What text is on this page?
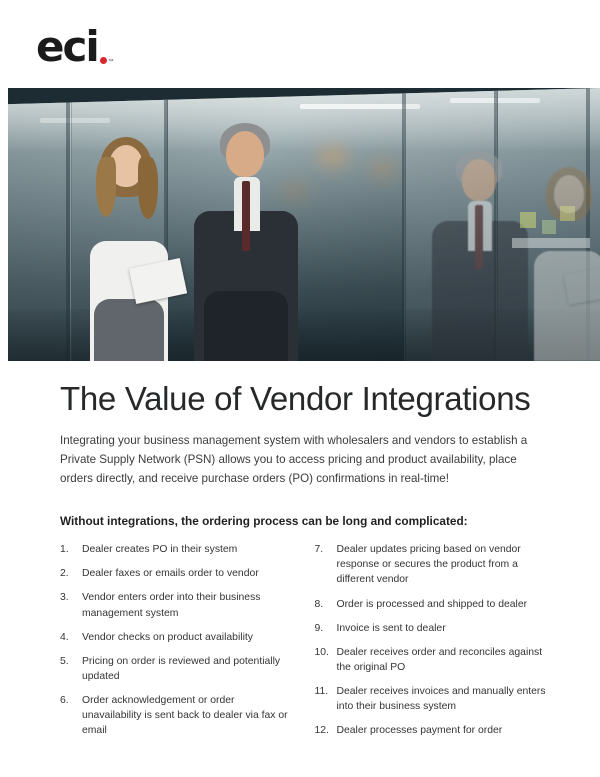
eci ™
The Value of Vendor Integrations

Integrating your business management system with wholesalers and vendors to establish a Private Supply Network (PSN) allows you to access pricing and product availability, place orders directly, and receive purchase orders (PO) confirmations in real-time!

Without integrations, the ordering process can be long and complicated:
1.	Dealer creates PO in their system
2.	Dealer faxes or emails order to vendor
3.	Vendor enters order into their business management system
4.	Vendor checks on product availability
5.	Pricing on order is reviewed and potentially updated
6.	Order acknowledgement or order unavailability is sent back to dealer via fax or email
7.	Dealer updates pricing based on vendor response or secures the product from a different vendor
8.	Order is processed and shipped to dealer
9.	Invoice is sent to dealer
10. Dealer receives order and reconciles against the original PO
11. Dealer receives invoices and manually enters into their business system
12. Dealer processes payment for order
